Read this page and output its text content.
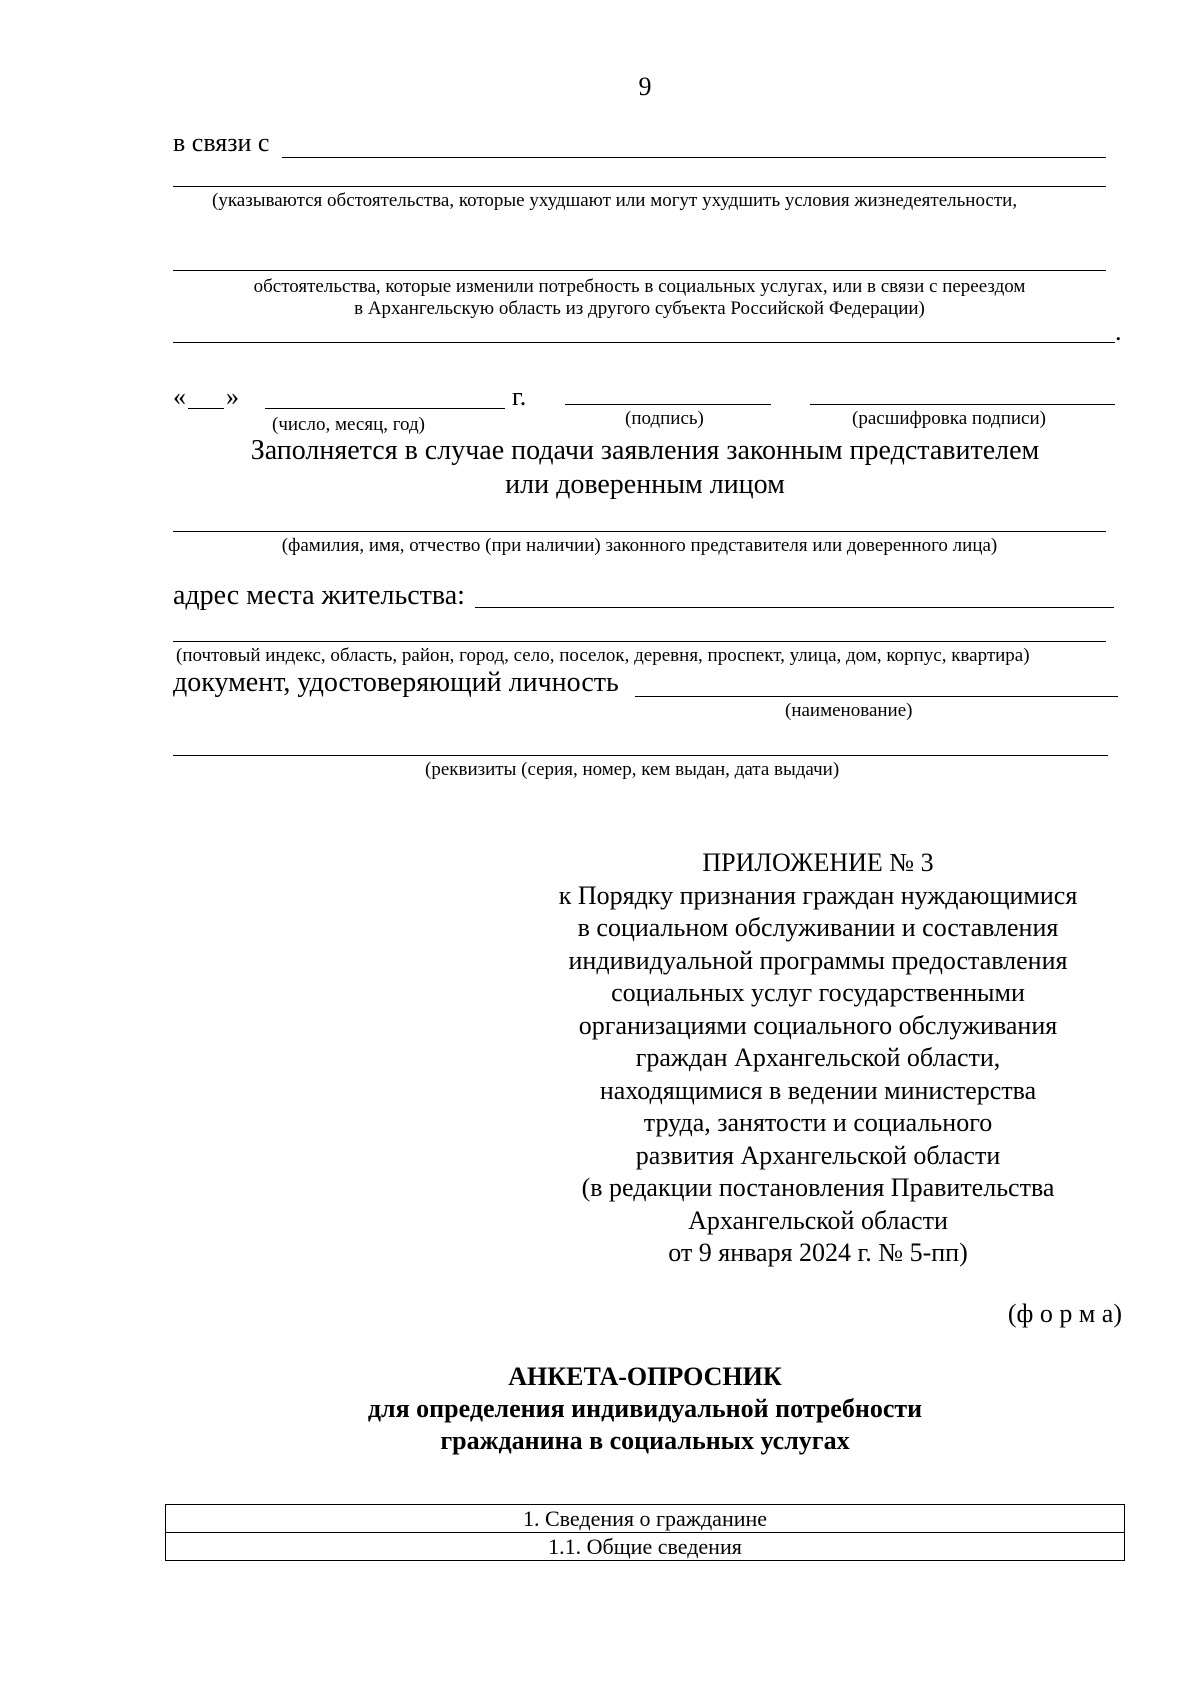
9
в связи с
(указываются обстоятельства, которые ухудшают или могут ухудшить условия жизнедеятельности,
обстоятельства, которые изменили потребность в социальных услугах, или в связи с переездом
в Архангельскую область из другого субъекта Российской Федерации)
.
« »	г.
(число, месяц, год)	(подпись)	(расшифровка подписи)
Заполняется в случае подачи заявления законным представителем
или доверенным лицом
(фамилия, имя, отчество (при наличии) законного представителя или доверенного лица)
адрес места жительства:
(почтовый индекс, область, район, город, село, поселок, деревня, проспект, улица, дом, корпус, квартира)
документ, удостоверяющий личность
(наименование)
(реквизиты (серия, номер, кем выдан, дата выдачи)
ПРИЛОЖЕНИЕ № 3
к Порядку признания граждан нуждающимися
в социальном обслуживании и составления
индивидуальной программы предоставления
социальных услуг государственными
организациями социального обслуживания
граждан Архангельской области,
находящимися в ведении министерства
труда, занятости и социального
развития Архангельской области
(в редакции постановления Правительства
Архангельской области
от 9 января 2024 г. № 5-пп)
(ф о р м а)
АНКЕТА-ОПРОСНИК
для определения индивидуальной потребности
гражданина в социальных услугах
1. Сведения о гражданине
1.1. Общие сведения
